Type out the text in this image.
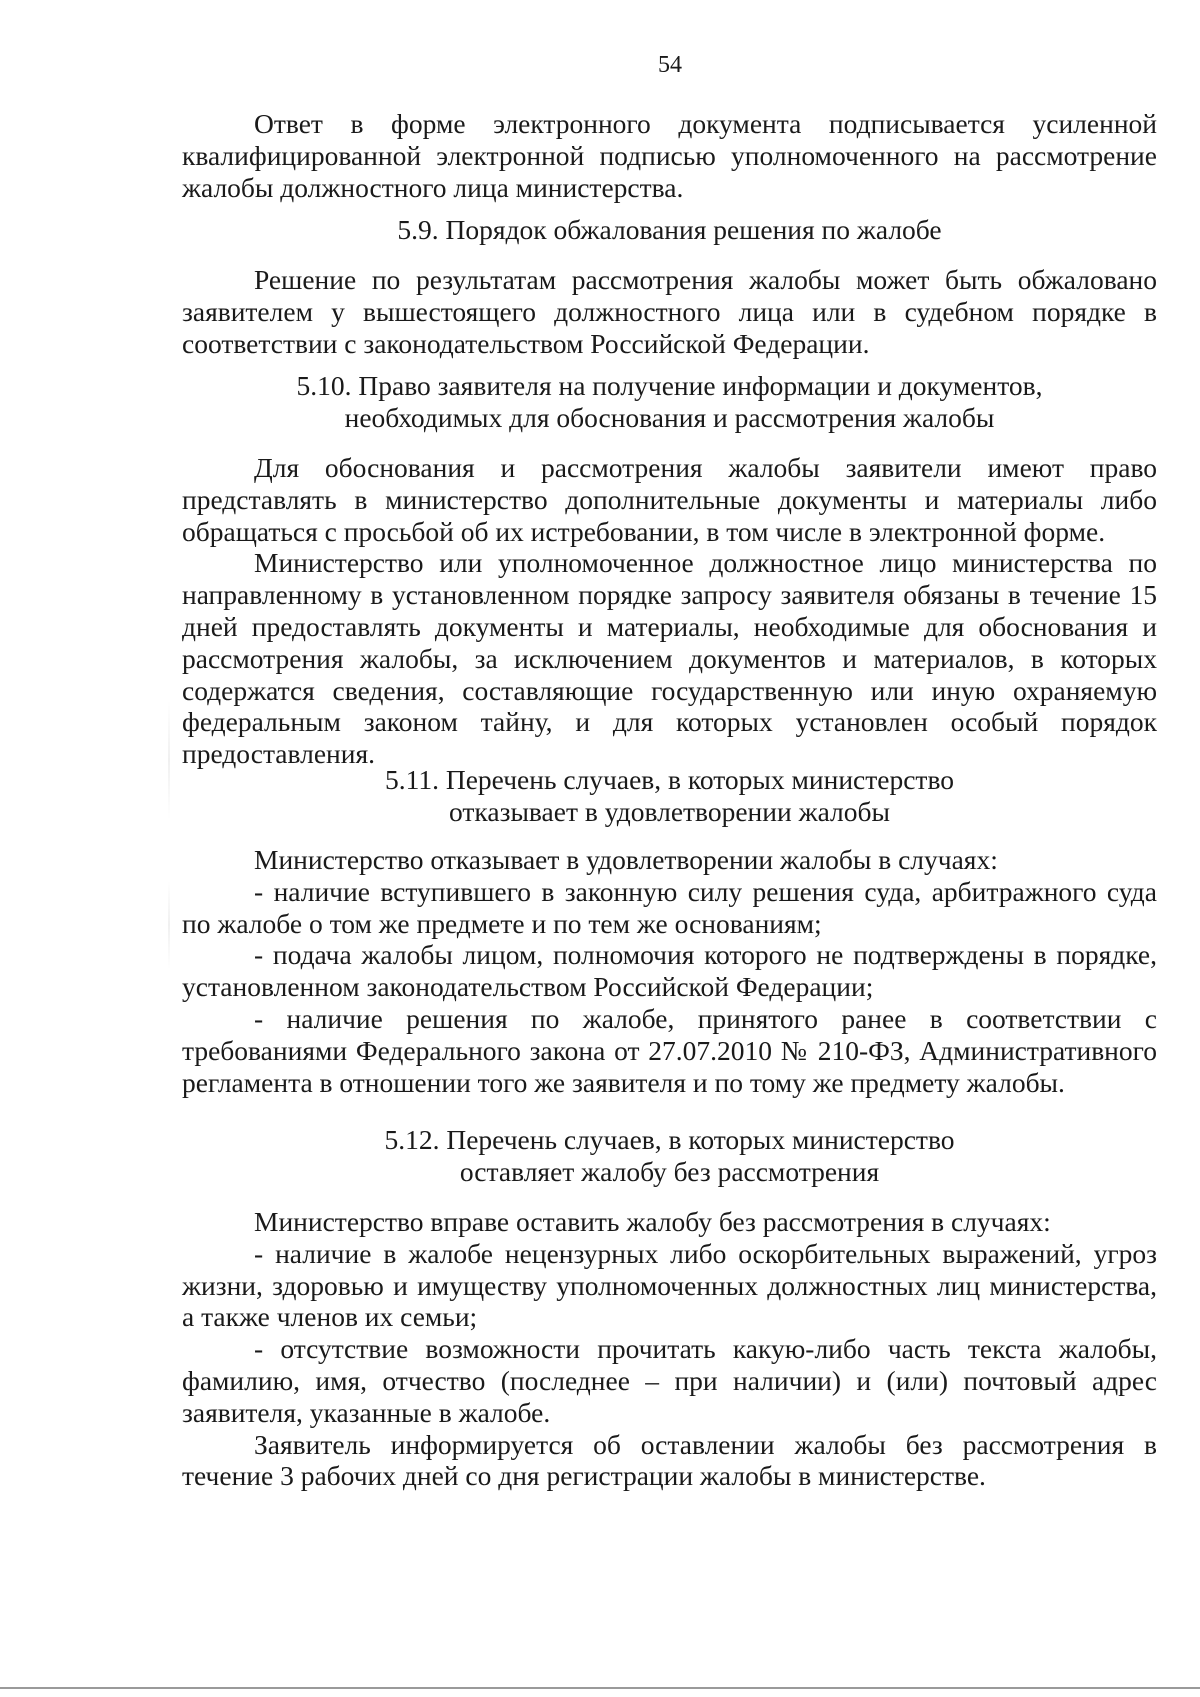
54

Ответ в форме электронного документа подписывается усиленной квалифицированной электронной подписью уполномоченного на рассмотрение жалобы должностного лица министерства.

5.9. Порядок обжалования решения по жалобе

Решение по результатам рассмотрения жалобы может быть обжаловано заявителем у вышестоящего должностного лица или в судебном порядке в соответствии с законодательством Российской Федерации.

5.10. Право заявителя на получение информации и документов,
необходимых для обоснования и рассмотрения жалобы

Для обоснования и рассмотрения жалобы заявители имеют право представлять в министерство дополнительные документы и материалы либо обращаться с просьбой об их истребовании, в том числе в электронной форме.

Министерство или уполномоченное должностное лицо министерства по направленному в установленном порядке запросу заявителя обязаны в течение 15 дней предоставлять документы и материалы, необходимые для обоснования и рассмотрения жалобы, за исключением документов и материалов, в которых содержатся сведения, составляющие государственную или иную охраняемую федеральным законом тайну, и для которых установлен особый порядок предоставления.

5.11. Перечень случаев, в которых министерство
отказывает в удовлетворении жалобы

Министерство отказывает в удовлетворении жалобы в случаях:

- наличие вступившего в законную силу решения суда, арбитражного суда по жалобе о том же предмете и по тем же основаниям;

- подача жалобы лицом, полномочия которого не подтверждены в порядке, установленном законодательством Российской Федерации;

- наличие решения по жалобе, принятого ранее в соответствии с требованиями Федерального закона от 27.07.2010 № 210-ФЗ, Административного регламента в отношении того же заявителя и по тому же предмету жалобы.

5.12. Перечень случаев, в которых министерство
оставляет жалобу без рассмотрения

Министерство вправе оставить жалобу без рассмотрения в случаях:

- наличие в жалобе нецензурных либо оскорбительных выражений, угроз жизни, здоровью и имуществу уполномоченных должностных лиц министерства, а также членов их семьи;

- отсутствие возможности прочитать какую-либо часть текста жалобы, фамилию, имя, отчество (последнее – при наличии) и (или) почтовый адрес заявителя, указанные в жалобе.

Заявитель информируется об оставлении жалобы без рассмотрения в течение 3 рабочих дней со дня регистрации жалобы в министерстве.
